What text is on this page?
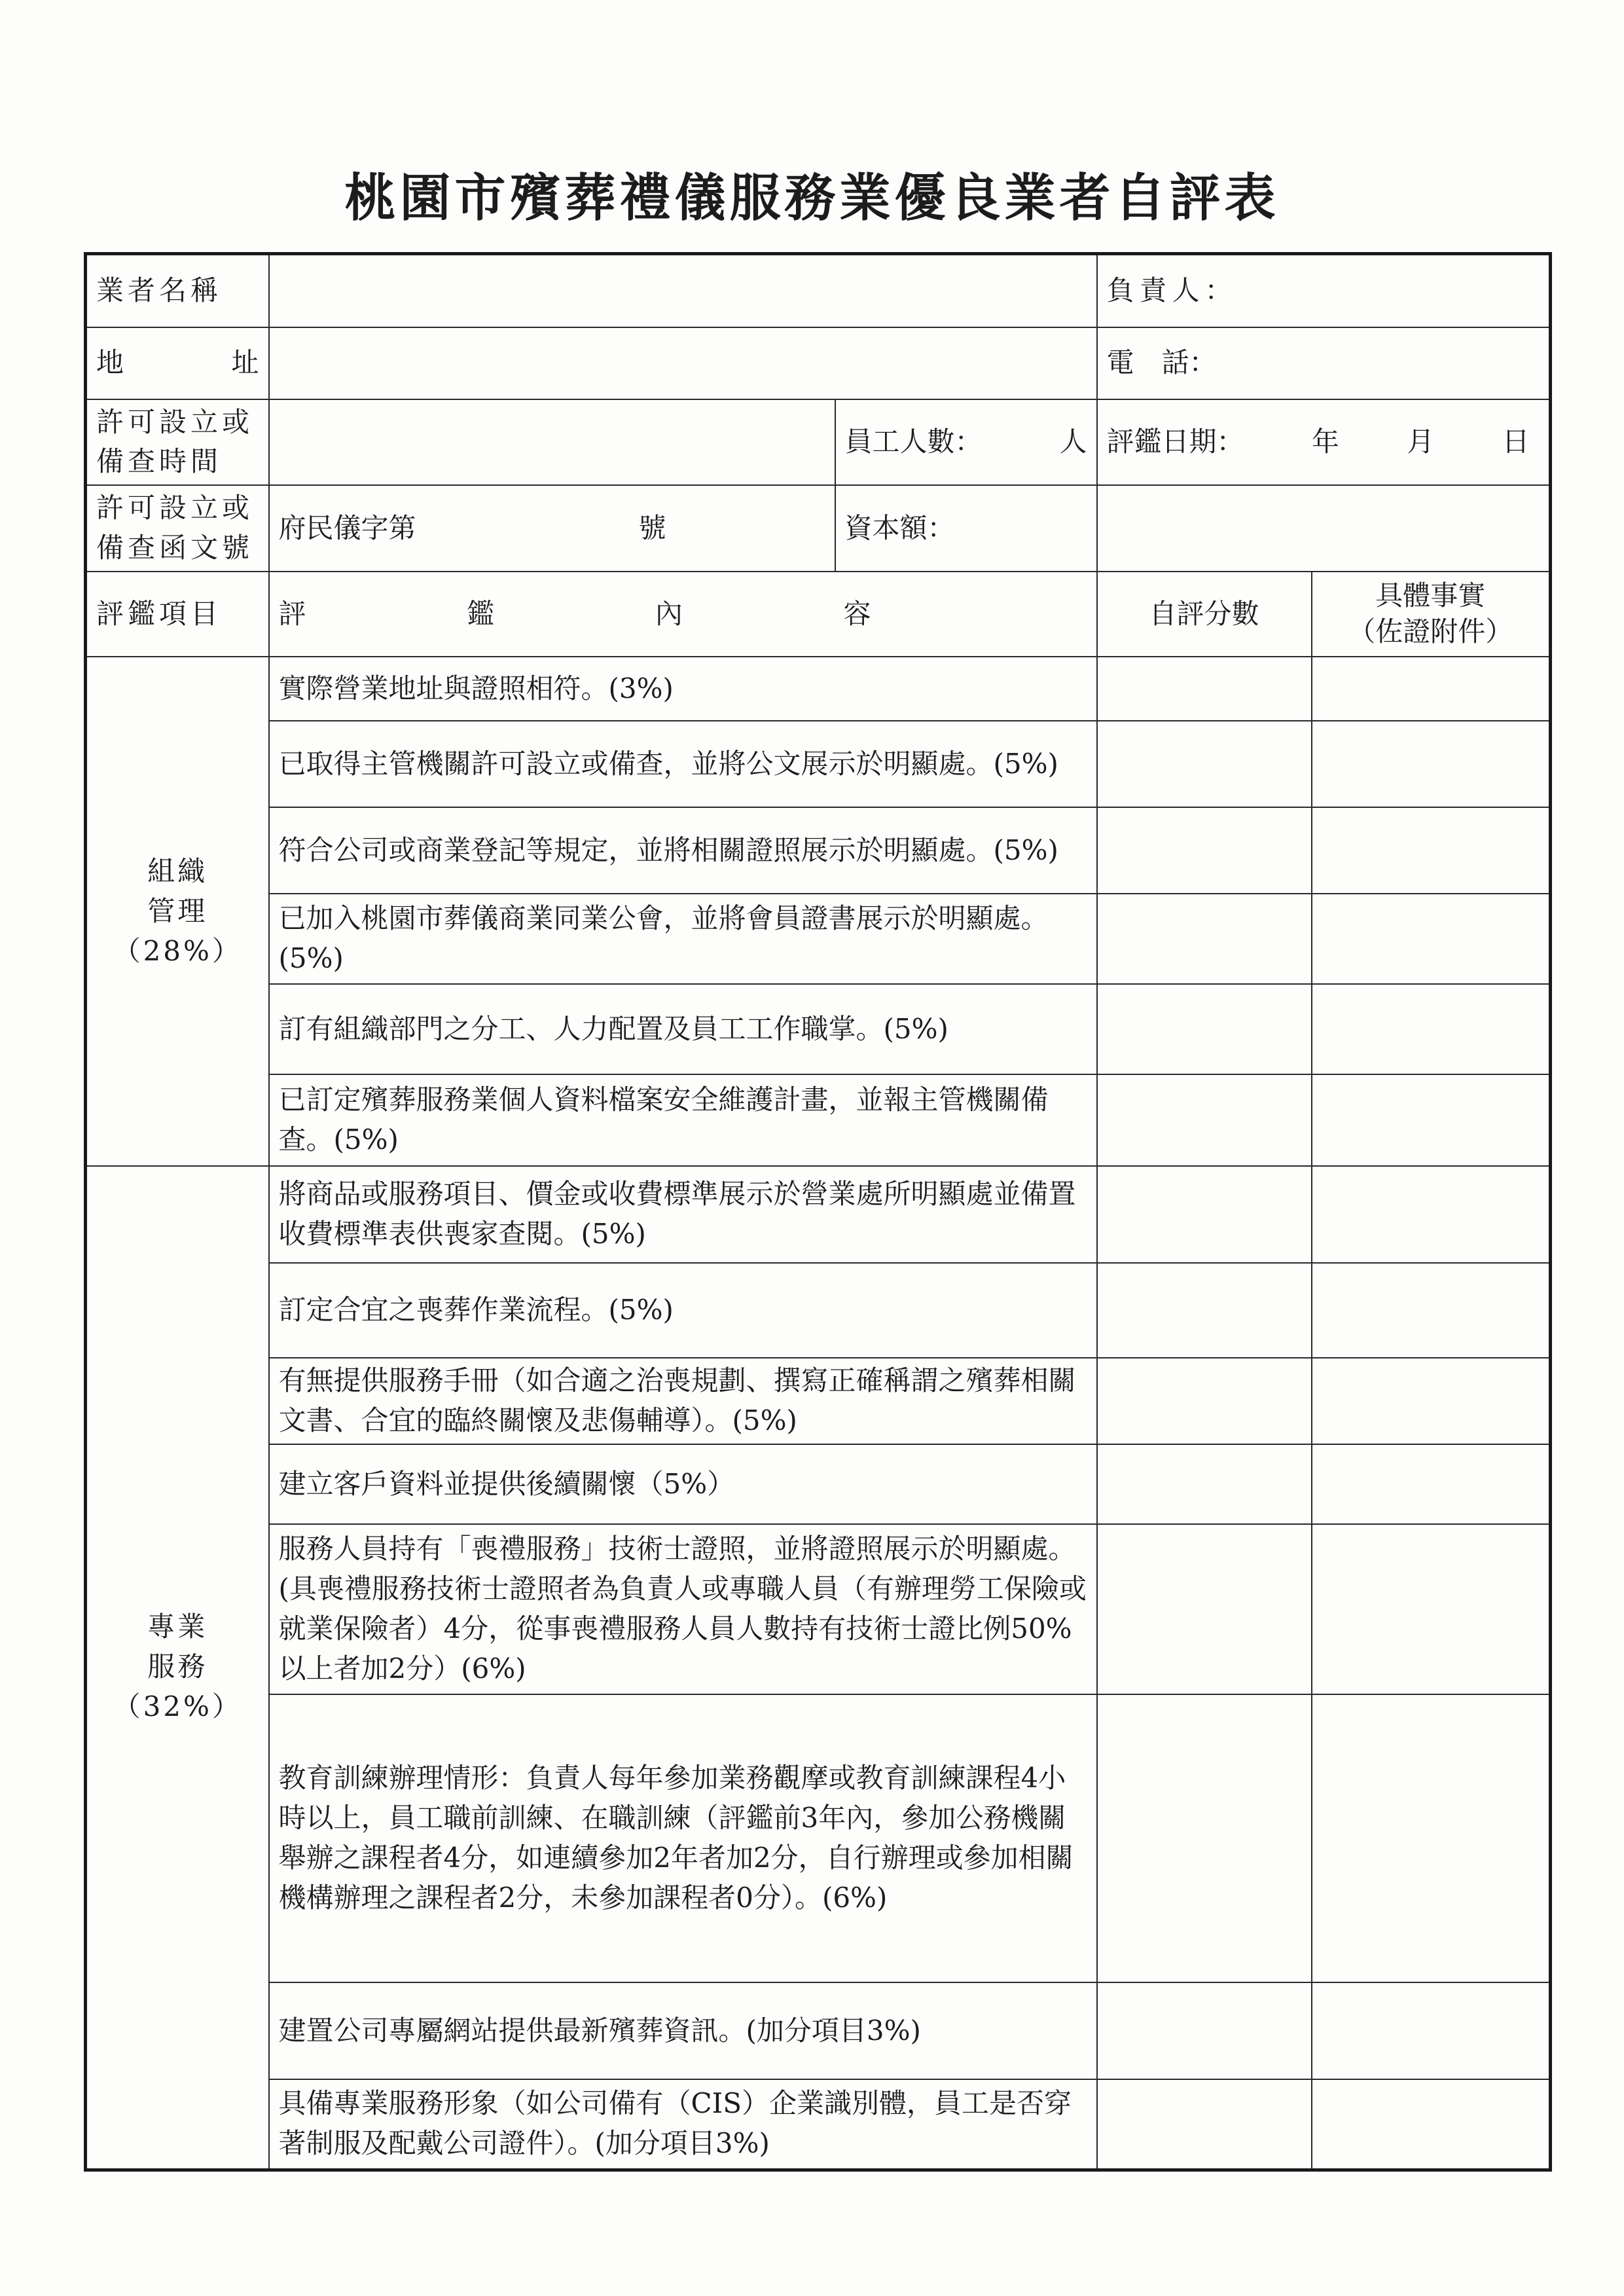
桃園市殯葬禮儀服務業優良業者自評表
業者名稱			負責人：	

地 址			電　話：	
許可設立或備查時間		員工人數： 人	評鑑日期： 年 月 日	
許可設立或備查函文號	府民儀字第 號	資本額：		
評鑑項目	評 鑑 內 容		自評分數	具體事實
（佐證附件）

組織
管理
（28%）	實際營業地址與證照相符。(3%)			
	已取得主管機關許可設立或備查，並將公文展示於明顯處。(5%)			
	符合公司或商業登記等規定，並將相關證照展示於明顯處。(5%)			
	已加入桃園市葬儀商業同業公會，並將會員證書展示於明顯處。(5%)			
	訂有組織部門之分工、人力配置及員工工作職掌。(5%)			
	已訂定殯葬服務業個人資料檔案安全維護計畫，並報主管機關備查。(5%)			

專業
服務
（32%）	將商品或服務項目、價金或收費標準展示於營業處所明顯處並備置收費標準表供喪家查閱。(5%)			
	訂定合宜之喪葬作業流程。(5%)			
	有無提供服務手冊（如合適之治喪規劃、撰寫正確稱謂之殯葬相關文書、合宜的臨終關懷及悲傷輔導）。(5%)			
	建立客戶資料並提供後續關懷（5%）			
	服務人員持有「喪禮服務」技術士證照，並將證照展示於明顯處。(具喪禮服務技術士證照者為負責人或專職人員（有辦理勞工保險或就業保險者）4分，從事喪禮服務人員人數持有技術士證比例50%以上者加2分）(6%)			
	教育訓練辦理情形：負責人每年參加業務觀摩或教育訓練課程4小時以上，員工職前訓練、在職訓練（評鑑前3年內，參加公務機關舉辦之課程者4分，如連續參加2年者加2分，自行辦理或參加相關機構辦理之課程者2分，未參加課程者0分）。(6%)			
	建置公司專屬網站提供最新殯葬資訊。(加分項目3%)			
	具備專業服務形象（如公司備有（CIS）企業識別體，員工是否穿著制服及配戴公司證件）。(加分項目3%)			
